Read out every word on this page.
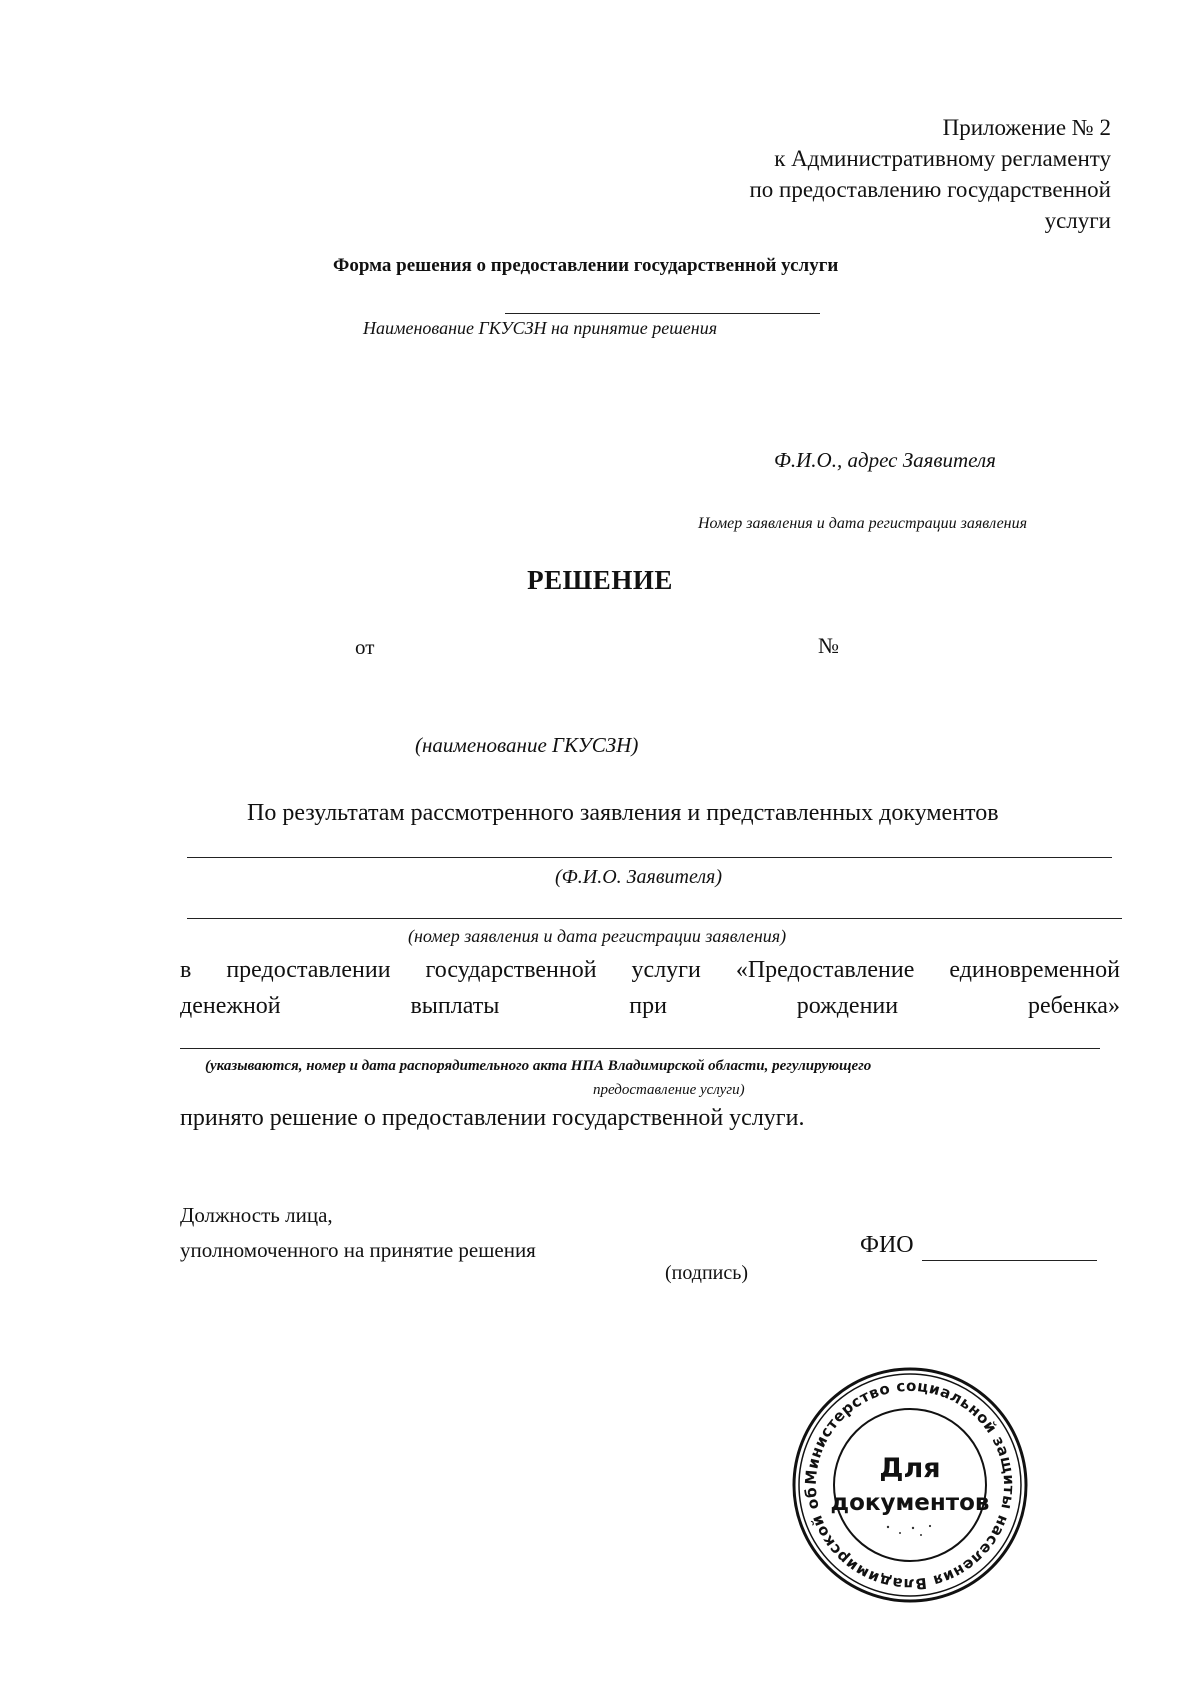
Приложение № 2
к Административному регламенту
по предоставлению государственной
услуги
Форма решения о предоставлении государственной услуги
Наименование ГКУСЗН на принятие решения
Ф.И.О., адрес Заявителя
Номер заявления и дата регистрации заявления
РЕШЕНИЕ
от	№
(наименование ГКУСЗН)
По результатам рассмотренного заявления и представленных документов
(Ф.И.О. Заявителя)
(номер заявления и дата регистрации заявления)
в предоставлении государственной услуги «Предоставление единовременной
денежной	выплаты	при	рождении	ребенка»
(указываются, номер и дата распорядительного акта НПА Владимирской области, регулирующего
предоставление услуги)
принято решение о предоставлении государственной услуги.
Должность лица,
уполномоченного на принятие решения	ФИО
(подпись)
Министерство социальной защиты населения Владимирской об
Для
документов
